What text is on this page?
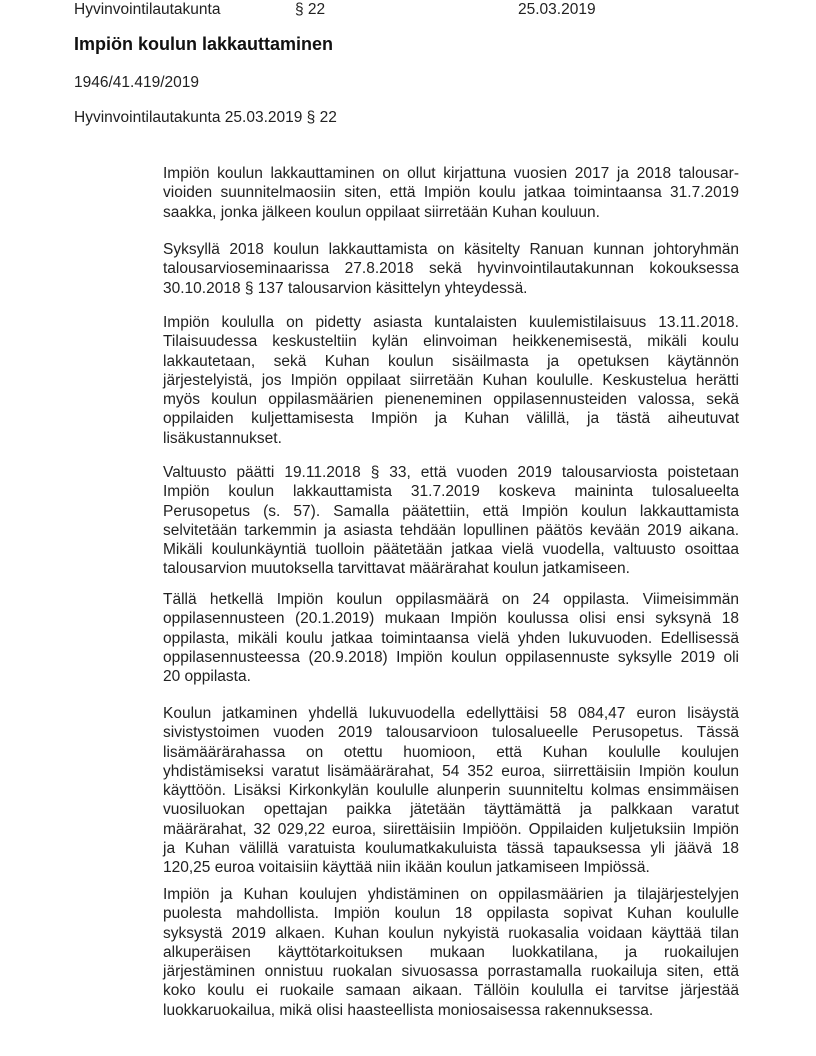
Hyvinvointilautakunta	§ 22	25.03.2019
Impiön koulun lakkauttaminen
1946/41.419/2019
Hyvinvointilautakunta 25.03.2019 § 22
Impiön koulun lakkauttaminen on ollut kirjattuna vuosien 2017 ja 2018 talousar-
vioiden suunnitelmaosiin siten, että Impiön koulu jatkaa toimintaansa 31.7.2019
saakka, jonka jälkeen koulun oppilaat siirretään Kuhan kouluun.
Syksyllä 2018 koulun lakkauttamista on käsitelty Ranuan kunnan johtoryhmän
talousarvioseminaarissa 27.8.2018 sekä hyvinvointilautakunnan kokouksessa
30.10.2018 § 137 talousarvion käsittelyn yhteydessä.
Impiön koululla on pidetty asiasta kuntalaisten kuulemistilaisuus 13.11.2018.
Tilaisuudessa keskusteltiin kylän elinvoiman heikkenemisestä, mikäli koulu
lakkautetaan, sekä Kuhan koulun sisäilmasta ja opetuksen käytännön
järjestelyistä, jos Impiön oppilaat siirretään Kuhan koululle. Keskustelua herätti
myös koulun oppilasmäärien pieneneminen oppilasennusteiden valossa, sekä
oppilaiden kuljettamisesta Impiön ja Kuhan välillä, ja tästä aiheutuvat
lisäkustannukset.
Valtuusto päätti 19.11.2018 § 33, että vuoden 2019 talousarviosta poistetaan
Impiön koulun lakkauttamista 31.7.2019 koskeva maininta tulosalueelta
Perusopetus (s. 57). Samalla päätettiin, että Impiön koulun lakkauttamista
selvitetään tarkemmin ja asiasta tehdään lopullinen päätös kevään 2019 aikana.
Mikäli koulunkäyntiä tuolloin päätetään jatkaa vielä vuodella, valtuusto osoittaa
talousarvion muutoksella tarvittavat määrärahat koulun jatkamiseen.
Tällä hetkellä Impiön koulun oppilasmäärä on 24 oppilasta. Viimeisimmän
oppilasennusteen (20.1.2019) mukaan Impiön koulussa olisi ensi syksynä 18
oppilasta, mikäli koulu jatkaa toimintaansa vielä yhden lukuvuoden. Edellisessä
oppilasennusteessa (20.9.2018) Impiön koulun oppilasennuste syksylle 2019 oli
20 oppilasta.
Koulun jatkaminen yhdellä lukuvuodella edellyttäisi 58 084,47 euron lisäystä
sivistystoimen vuoden 2019 talousarvioon tulosalueelle Perusopetus. Tässä
lisämäärärahassa on otettu huomioon, että Kuhan koululle koulujen
yhdistämiseksi varatut lisämäärärahat, 54 352 euroa, siirrettäisiin Impiön koulun
käyttöön. Lisäksi Kirkonkylän koululle alunperin suunniteltu kolmas ensimmäisen
vuosiluokan opettajan paikka jätetään täyttämättä ja palkkaan varatut
määrärahat, 32 029,22 euroa, siirettäisiin Impiöön. Oppilaiden kuljetuksiin Impiön
ja Kuhan välillä varatuista koulumatkakuluista tässä tapauksessa yli jäävä 18
120,25 euroa voitaisiin käyttää niin ikään koulun jatkamiseen Impiössä.
Impiön ja Kuhan koulujen yhdistäminen on oppilasmäärien ja tilajärjestelyjen
puolesta mahdollista. Impiön koulun 18 oppilasta sopivat Kuhan koululle
syksystä 2019 alkaen. Kuhan koulun nykyistä ruokasalia voidaan käyttää tilan
alkuperäisen käyttötarkoituksen mukaan luokkatilana, ja ruokailujen
järjestäminen onnistuu ruokalan sivuosassa porrastamalla ruokailuja siten, että
koko koulu ei ruokaile samaan aikaan. Tällöin koululla ei tarvitse järjestää
luokkaruokailua, mikä olisi haasteellista moniosaisessa rakennuksessa.
